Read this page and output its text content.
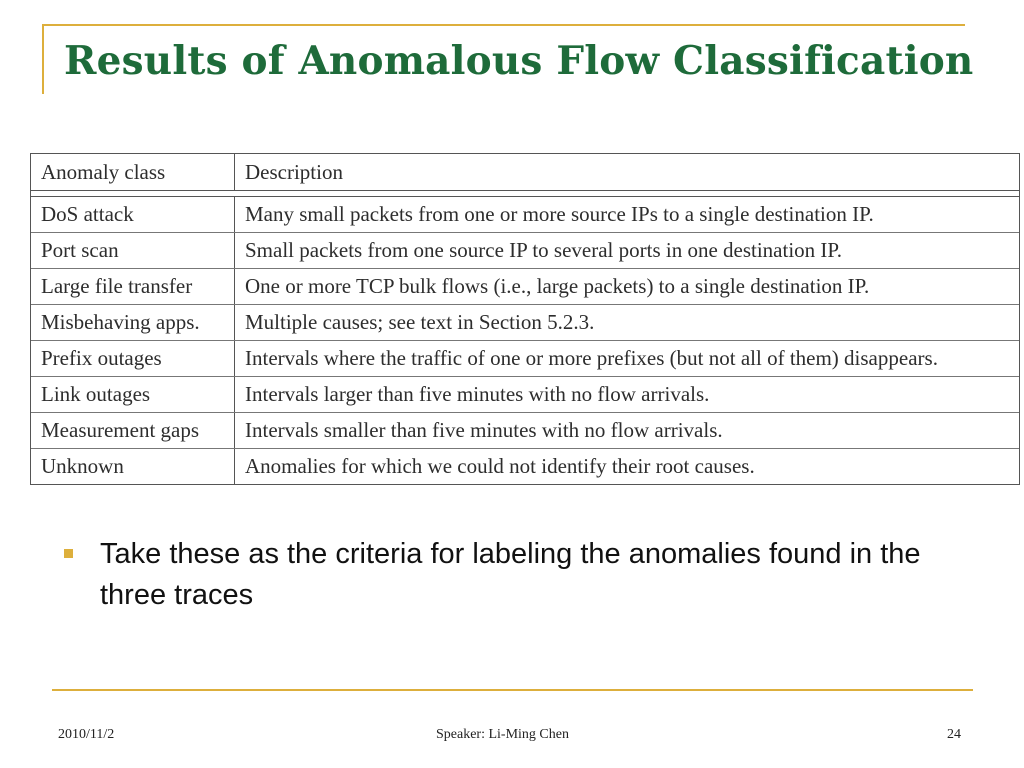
Results of Anomalous Flow Classification
Anomaly class	Description
DoS attack	Many small packets from one or more source IPs to a single destination IP.
Port scan	Small packets from one source IP to several ports in one destination IP.
Large file transfer	One or more TCP bulk flows (i.e., large packets) to a single destination IP.
Misbehaving apps.	Multiple causes; see text in Section 5.2.3.
Prefix outages	Intervals where the traffic of one or more prefixes (but not all of them) disappears.
Link outages	Intervals larger than five minutes with no flow arrivals.
Measurement gaps	Intervals smaller than five minutes with no flow arrivals.
Unknown	Anomalies for which we could not identify their root causes.

Take these as the criteria for labeling the anomalies found in the three traces

2010/11/2	Speaker: Li-Ming Chen	24
